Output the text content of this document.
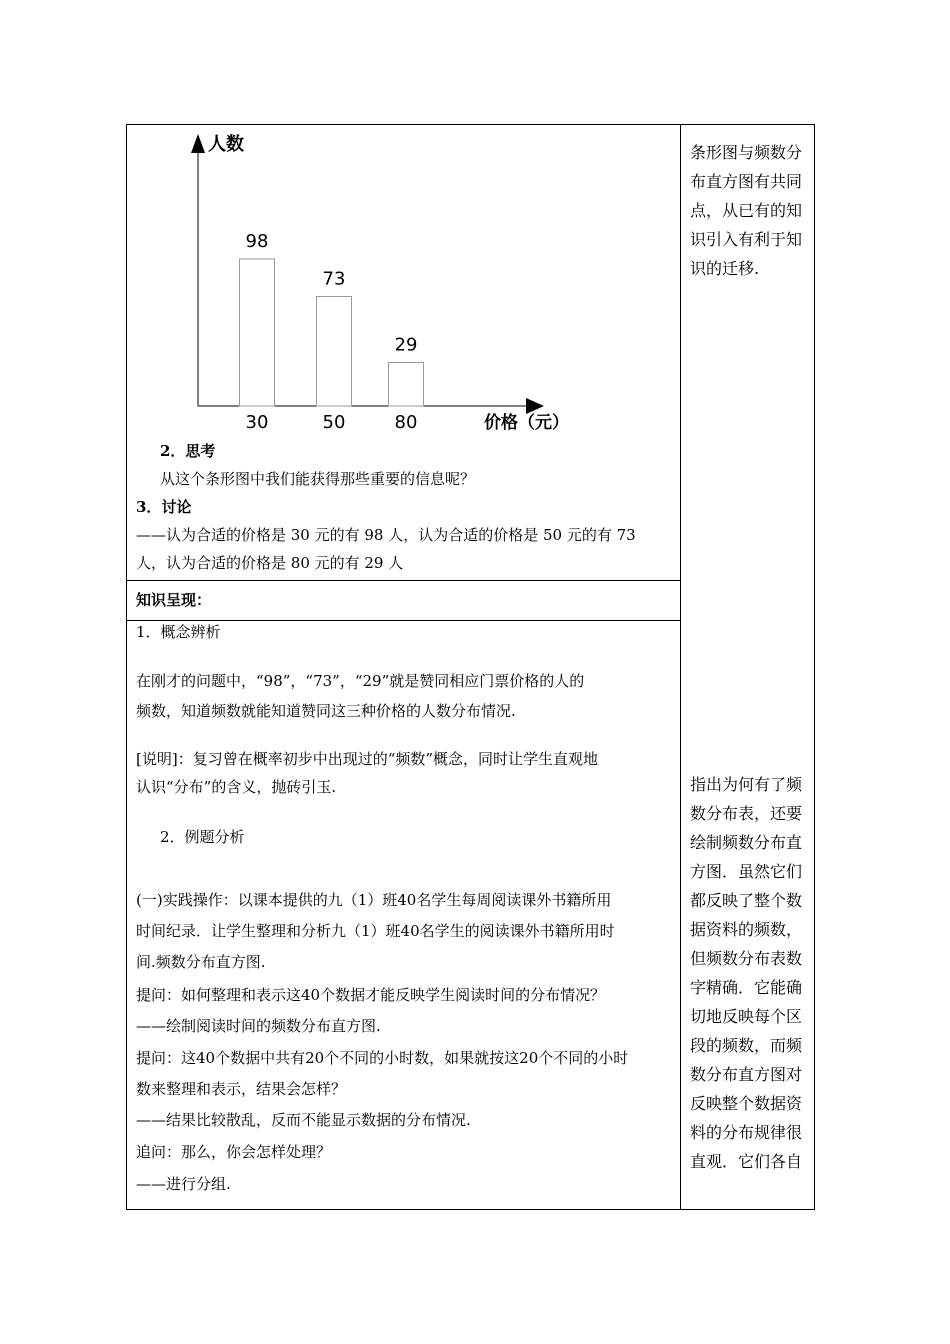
人数
价格（元）
98
30
73
50
29
80
2．思考
从这个条形图中我们能获得那些重要的信息呢？
3．讨论
——认为合适的价格是 30 元的有 98 人，认为合适的价格是 50 元的有 73
人，认为合适的价格是 80 元的有 29 人
知识呈现：
1．概念辨析
在刚才的问题中，“98”，“73”，“29”就是赞同相应门票价格的人的
频数，知道频数就能知道赞同这三种价格的人数分布情况.
[说明]：复习曾在概率初步中出现过的“频数”概念，同时让学生直观地
认识“分布”的含义，抛砖引玉.
2．例题分析
(一)实践操作：以课本提供的九（1）班40名学生每周阅读课外书籍所用
时间纪录．让学生整理和分析九（1）班40名学生的阅读课外书籍所用时
间.频数分布直方图.
提问：如何整理和表示这40个数据才能反映学生阅读时间的分布情况？
——绘制阅读时间的频数分布直方图.
提问：这40个数据中共有20个不同的小时数，如果就按这20个不同的小时
数来整理和表示，结果会怎样？
——结果比较散乱，反而不能显示数据的分布情况.
追问：那么，你会怎样处理？
——进行分组.
条形图与频数分布直方图有共同点，从已有的知识引入有利于知识的迁移.
指出为何有了频数分布表，还要绘制频数分布直方图．虽然它们都反映了整个数据资料的频数，但频数分布表数字精确．它能确切地反映每个区段的频数，而频数分布直方图对反映整个数据资料的分布规律很直观．它们各自
